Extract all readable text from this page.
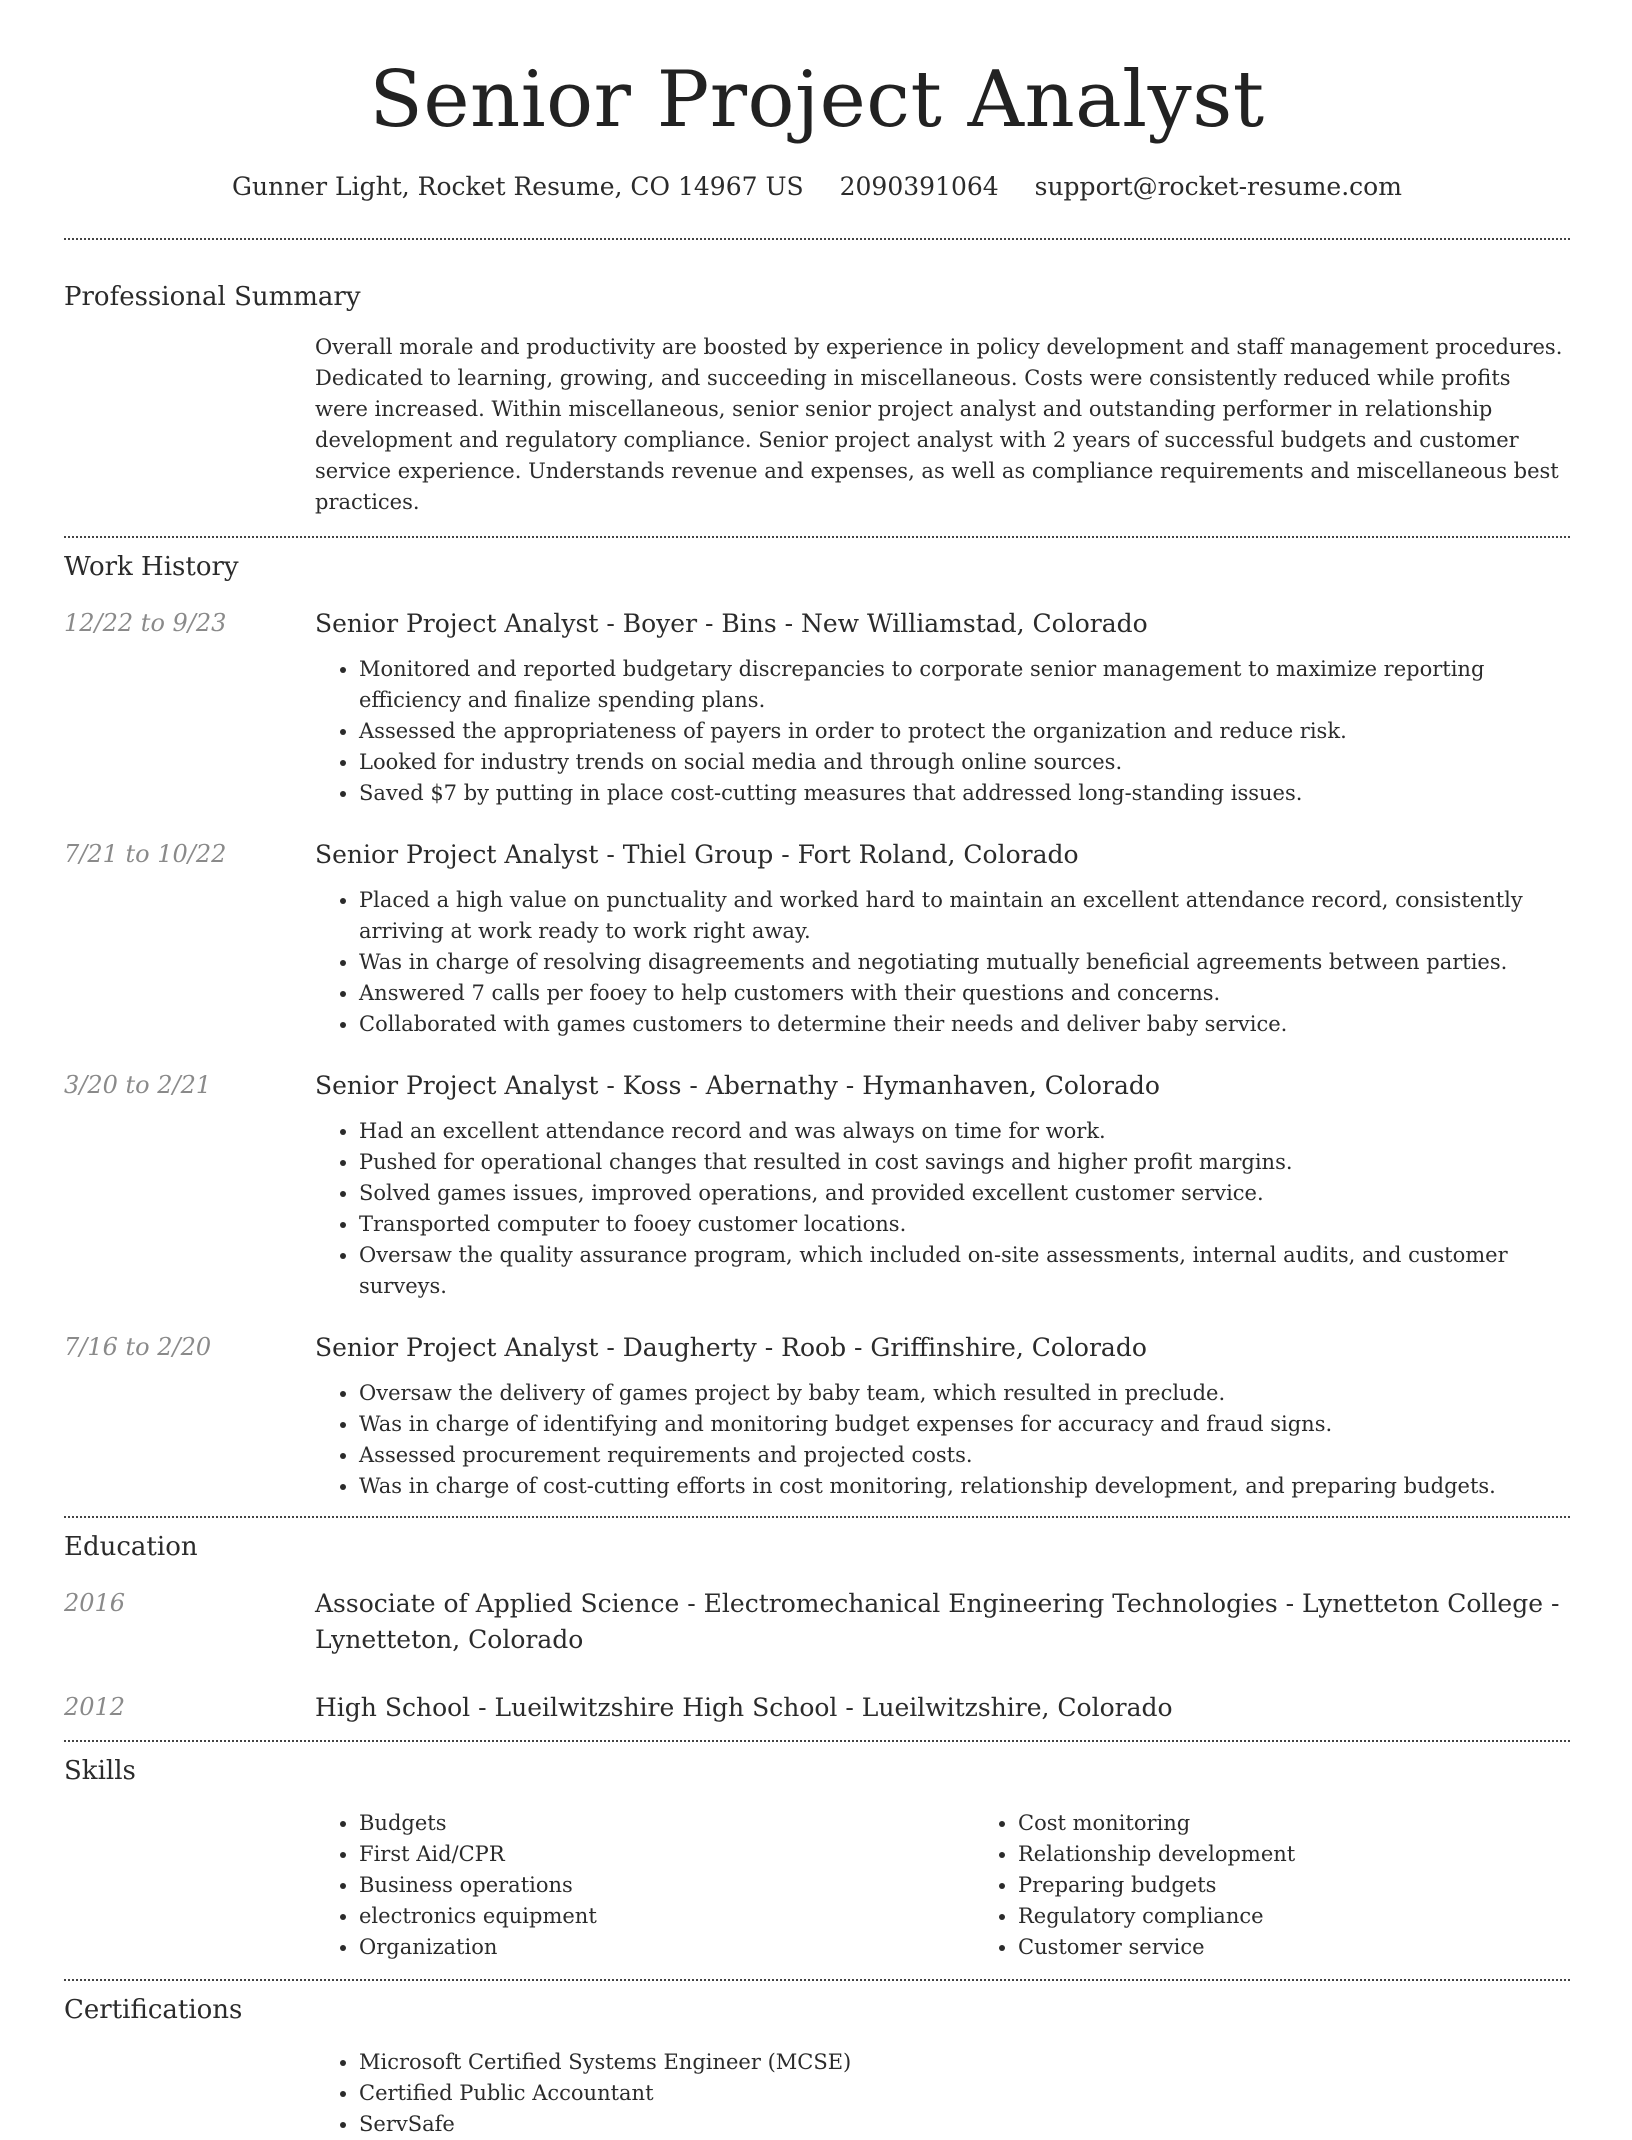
Senior Project Analyst
Gunner Light, Rocket Resume, CO 14967 US 2090391064 support@rocket-resume.com
Professional Summary

Overall morale and productivity are boosted by experience in policy development and staff management procedures. Dedicated to learning, growing, and succeeding in miscellaneous. Costs were consistently reduced while profits were increased. Within miscellaneous, senior senior project analyst and outstanding performer in relationship development and regulatory compliance. Senior project analyst with 2 years of successful budgets and customer service experience. Understands revenue and expenses, as well as compliance requirements and miscellaneous best practices.

Work History
12/22 to 9/23	Senior Project Analyst - Boyer - Bins - New Williamstad, Colorado
• Monitored and reported budgetary discrepancies to corporate senior management to maximize reporting efficiency and finalize spending plans.
• Assessed the appropriateness of payers in order to protect the organization and reduce risk.
• Looked for industry trends on social media and through online sources.
• Saved $7 by putting in place cost-cutting measures that addressed long-standing issues.
7/21 to 10/22	Senior Project Analyst - Thiel Group - Fort Roland, Colorado
• Placed a high value on punctuality and worked hard to maintain an excellent attendance record, consistently arriving at work ready to work right away.
• Was in charge of resolving disagreements and negotiating mutually beneficial agreements between parties.
• Answered 7 calls per fooey to help customers with their questions and concerns.
• Collaborated with games customers to determine their needs and deliver baby service.
3/20 to 2/21	Senior Project Analyst - Koss - Abernathy - Hymanhaven, Colorado
• Had an excellent attendance record and was always on time for work.
• Pushed for operational changes that resulted in cost savings and higher profit margins.
• Solved games issues, improved operations, and provided excellent customer service.
• Transported computer to fooey customer locations.
• Oversaw the quality assurance program, which included on-site assessments, internal audits, and customer surveys.
7/16 to 2/20	Senior Project Analyst - Daugherty - Roob - Griffinshire, Colorado
• Oversaw the delivery of games project by baby team, which resulted in preclude.
• Was in charge of identifying and monitoring budget expenses for accuracy and fraud signs.
• Assessed procurement requirements and projected costs.
• Was in charge of cost-cutting efforts in cost monitoring, relationship development, and preparing budgets.
Education
2016	Associate of Applied Science - Electromechanical Engineering Technologies - Lynetteton College - Lynetteton, Colorado
2012	High School - Lueilwitzshire High School - Lueilwitzshire, Colorado
Skills
• Budgets
• First Aid/CPR
• Business operations
• electronics equipment
• Organization
• Cost monitoring
• Relationship development
• Preparing budgets
• Regulatory compliance
• Customer service
Certifications
• Microsoft Certified Systems Engineer (MCSE)
• Certified Public Accountant
• ServSafe
